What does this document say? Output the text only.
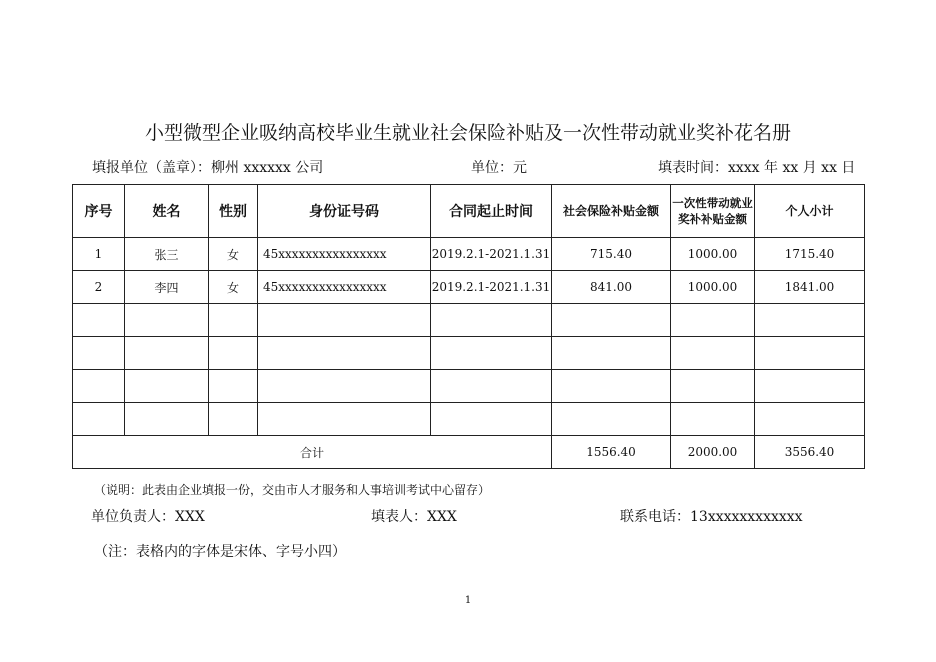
小型微型企业吸纳高校毕业生就业社会保险补贴及一次性带动就业奖补花名册
填报单位（盖章）：柳州 xxxxxx 公司	单位：元	填表时间：xxxx 年 xx 月 xx 日
序号	姓名	性别	身份证号码	合同起止时间	社会保险补贴金额	一次性带动就业奖补补贴金额	个人小计
1	张三	女	45xxxxxxxxxxxxxxxx	2019.2.1-2021.1.31	715.40	1000.00	1715.40
2	李四	女	45xxxxxxxxxxxxxxxx	2019.2.1-2021.1.31	841.00	1000.00	1841.00

合计					1556.40	2000.00	3556.40
（说明：此表由企业填报一份，交由市人才服务和人事培训考试中心留存）
单位负责人：XXX	填表人：XXX	联系电话：13xxxxxxxxxxxx
（注：表格内的字体是宋体、字号小四）
1
